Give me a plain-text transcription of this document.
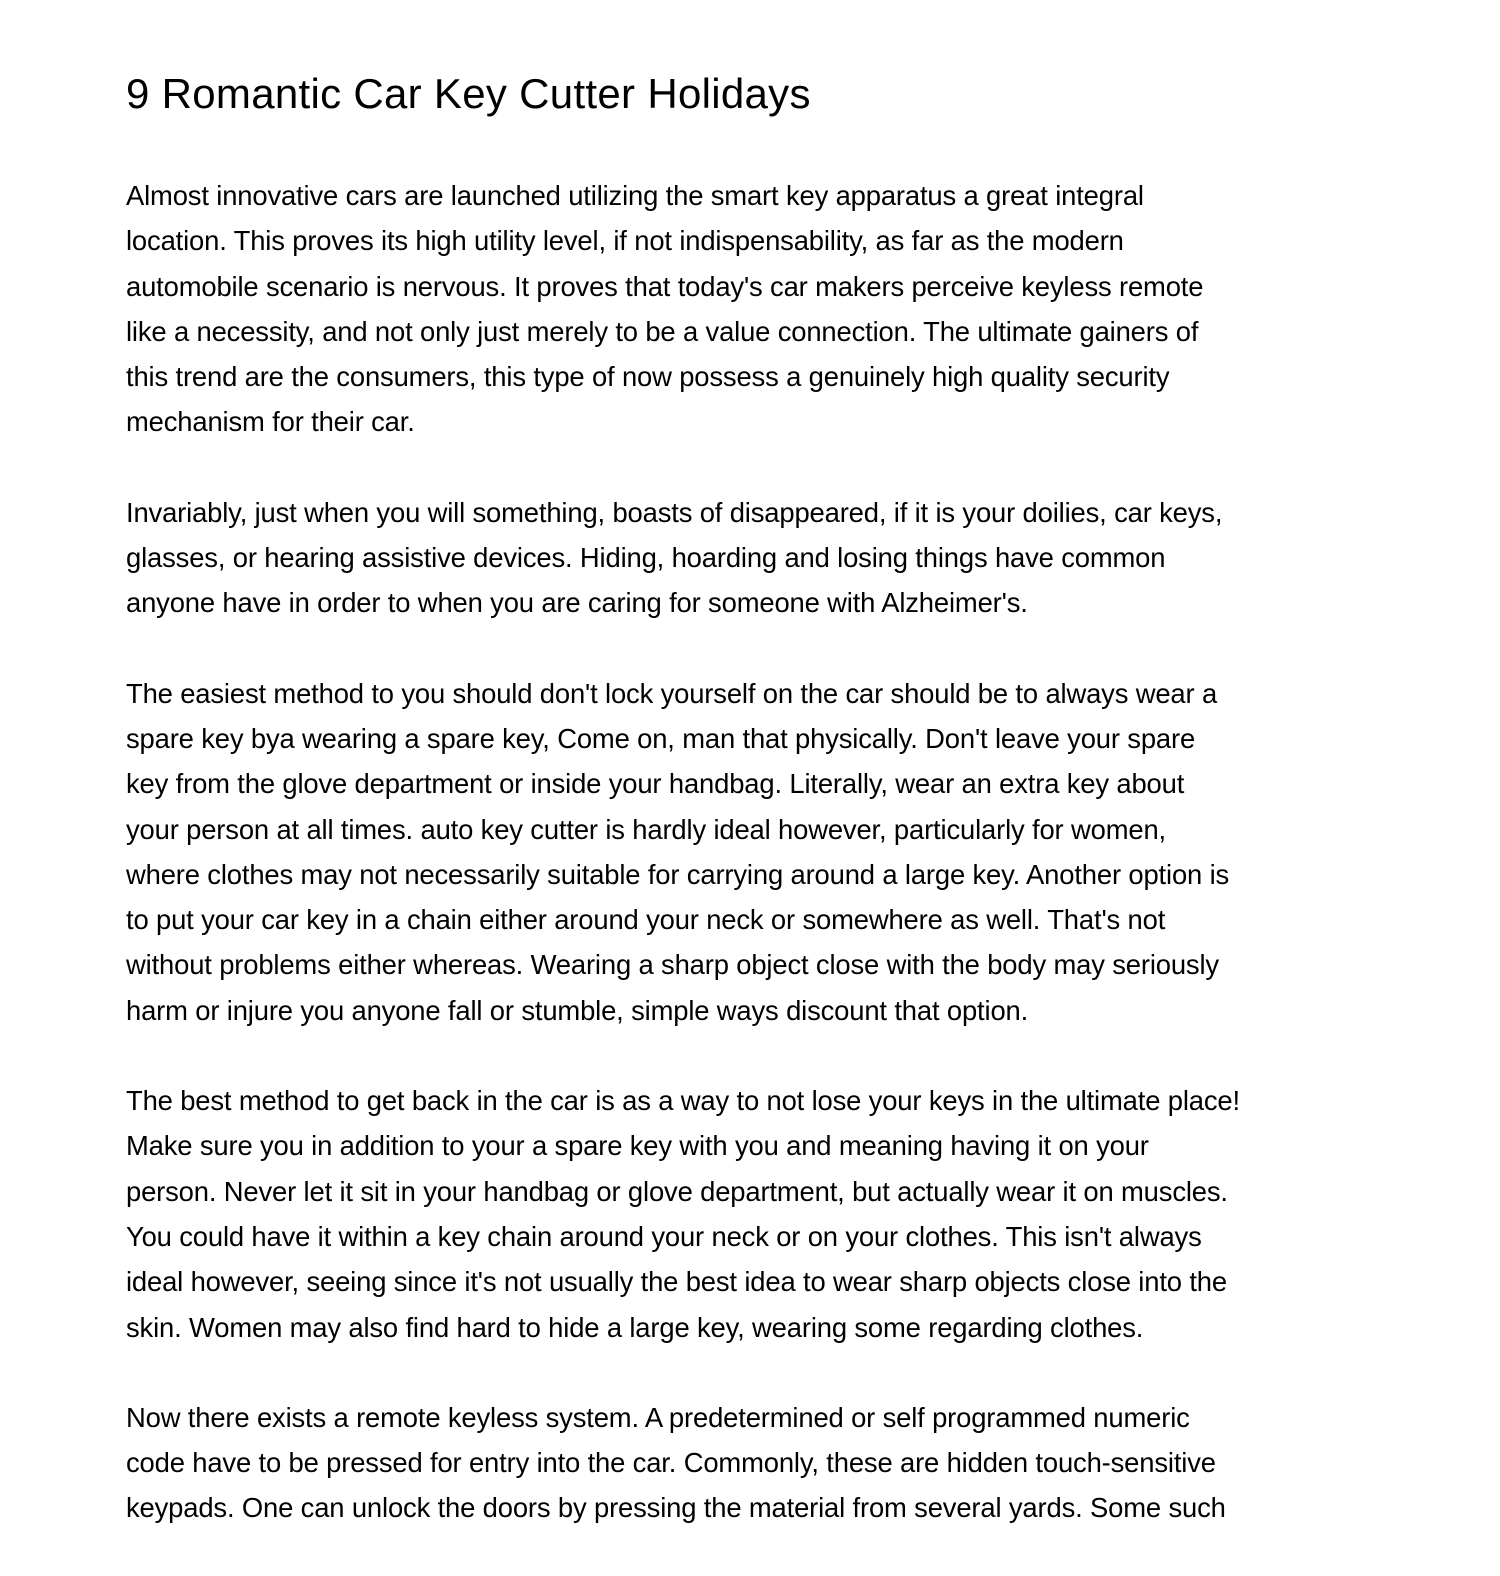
9 Romantic Car Key Cutter Holidays

Almost innovative cars are launched utilizing the smart key apparatus a great integral
location. This proves its high utility level, if not indispensability, as far as the modern
automobile scenario is nervous. It proves that today's car makers perceive keyless remote
like a necessity, and not only just merely to be a value connection. The ultimate gainers of
this trend are the consumers, this type of now possess a genuinely high quality security
mechanism for their car.

Invariably, just when you will something, boasts of disappeared, if it is your doilies, car keys,
glasses, or hearing assistive devices. Hiding, hoarding and losing things have common
anyone have in order to when you are caring for someone with Alzheimer's.

The easiest method to you should don't lock yourself on the car should be to always wear a
spare key bya wearing a spare key, Come on, man that physically. Don't leave your spare
key from the glove department or inside your handbag. Literally, wear an extra key about
your person at all times. auto key cutter is hardly ideal however, particularly for women,
where clothes may not necessarily suitable for carrying around a large key. Another option is
to put your car key in a chain either around your neck or somewhere as well. That's not
without problems either whereas. Wearing a sharp object close with the body may seriously
harm or injure you anyone fall or stumble, simple ways discount that option.

The best method to get back in the car is as a way to not lose your keys in the ultimate place!
Make sure you in addition to your a spare key with you and meaning having it on your
person. Never let it sit in your handbag or glove department, but actually wear it on muscles.
You could have it within a key chain around your neck or on your clothes. This isn't always
ideal however, seeing since it's not usually the best idea to wear sharp objects close into the
skin. Women may also find hard to hide a large key, wearing some regarding clothes.

Now there exists a remote keyless system. A predetermined or self programmed numeric
code have to be pressed for entry into the car. Commonly, these are hidden touch-sensitive
keypads. One can unlock the doors by pressing the material from several yards. Some such
